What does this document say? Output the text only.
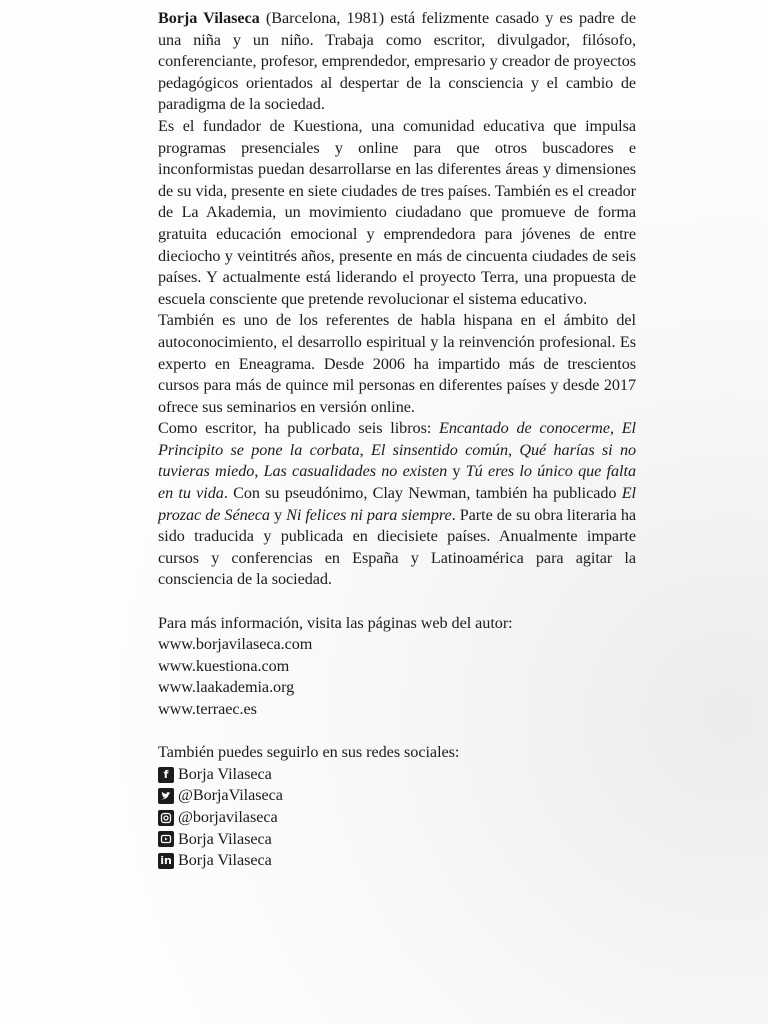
Borja Vilaseca (Barcelona, 1981) está felizmente casado y es padre de una niña y un niño. Trabaja como escritor, divulgador, filósofo, conferenciante, profesor, emprendedor, empresario y creador de proyectos pedagógicos orientados al despertar de la consciencia y el cambio de paradigma de la sociedad.

Es el fundador de Kuestiona, una comunidad educativa que impulsa programas presenciales y online para que otros buscadores e inconformistas puedan desarrollarse en las diferentes áreas y dimensiones de su vida, presente en siete ciudades de tres países. También es el creador de La Akademia, un movimiento ciudadano que promueve de forma gratuita educación emocional y emprendedora para jóvenes de entre dieciocho y veintitrés años, presente en más de cincuenta ciudades de seis países. Y actualmente está liderando el proyecto Terra, una propuesta de escuela consciente que pretende revolucionar el sistema educativo.

También es uno de los referentes de habla hispana en el ámbito del autoconocimiento, el desarrollo espiritual y la reinvención profesional. Es experto en Eneagrama. Desde 2006 ha impartido más de trescientos cursos para más de quince mil personas en diferentes países y desde 2017 ofrece sus seminarios en versión online.

Como escritor, ha publicado seis libros: Encantado de conocerme, El Principito se pone la corbata, El sinsentido común, Qué harías si no tuvieras miedo, Las casualidades no existen y Tú eres lo único que falta en tu vida. Con su pseudónimo, Clay Newman, también ha publicado El prozac de Séneca y Ni felices ni para siempre. Parte de su obra literaria ha sido traducida y publicada en diecisiete países. Anualmente imparte cursos y conferencias en España y Latinoamérica para agitar la consciencia de la sociedad.

Para más información, visita las páginas web del autor:

www.borjavilaseca.com

www.kuestiona.com

www.laakademia.org

www.terraec.es

También puedes seguirlo en sus redes sociales:

f Borja Vilaseca
@BorjaVilaseca
@borjavilaseca
Borja Vilaseca
in Borja Vilaseca
